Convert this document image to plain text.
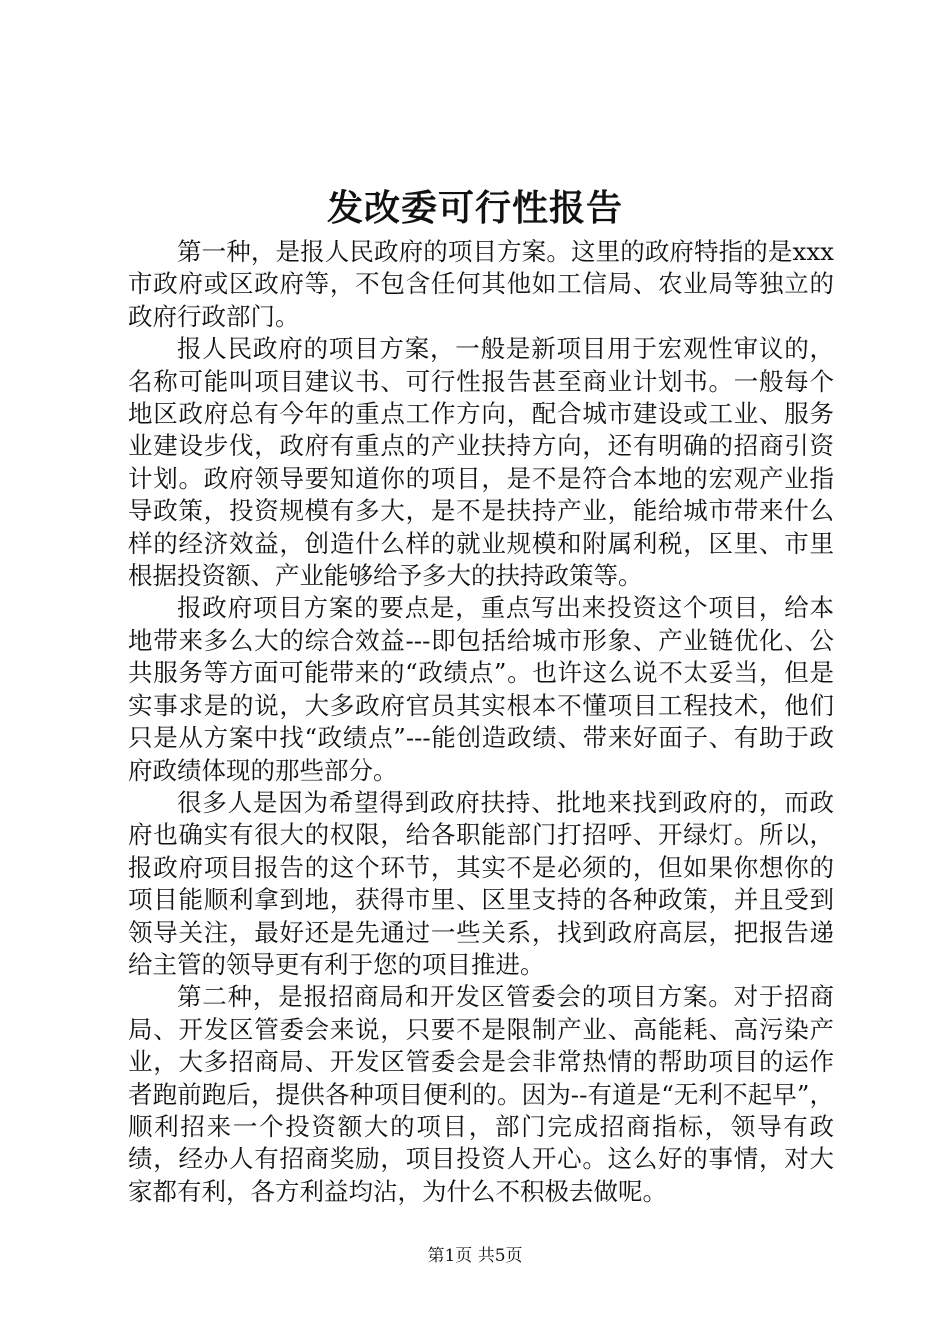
发改委可行性报告

第一种，是报人民政府的项目方案。这里的政府特指的是xxx市政府或区政府等，不包含任何其他如工信局、农业局等独立的政府行政部门。

报人民政府的项目方案，一般是新项目用于宏观性审议的，名称可能叫项目建议书、可行性报告甚至商业计划书。一般每个地区政府总有今年的重点工作方向，配合城市建设或工业、服务业建设步伐，政府有重点的产业扶持方向，还有明确的招商引资计划。政府领导要知道你的项目，是不是符合本地的宏观产业指导政策，投资规模有多大，是不是扶持产业，能给城市带来什么样的经济效益，创造什么样的就业规模和附属利税，区里、市里根据投资额、产业能够给予多大的扶持政策等。

报政府项目方案的要点是，重点写出来投资这个项目，给本地带来多么大的综合效益---即包括给城市形象、产业链优化、公共服务等方面可能带来的“政绩点”。也许这么说不太妥当，但是实事求是的说，大多政府官员其实根本不懂项目工程技术，他们只是从方案中找“政绩点”---能创造政绩、带来好面子、有助于政府政绩体现的那些部分。

很多人是因为希望得到政府扶持、批地来找到政府的，而政府也确实有很大的权限，给各职能部门打招呼、开绿灯。所以，报政府项目报告的这个环节，其实不是必须的，但如果你想你的项目能顺利拿到地，获得市里、区里支持的各种政策，并且受到领导关注，最好还是先通过一些关系，找到政府高层，把报告递给主管的领导更有利于您的项目推进。

第二种，是报招商局和开发区管委会的项目方案。对于招商局、开发区管委会来说，只要不是限制产业、高能耗、高污染产业，大多招商局、开发区管委会是会非常热情的帮助项目的运作者跑前跑后，提供各种项目便利的。因为--有道是“无利不起早”，顺利招来一个投资额大的项目，部门完成招商指标，领导有政绩，经办人有招商奖励，项目投资人开心。这么好的事情，对大家都有利，各方利益均沾，为什么不积极去做呢。

第1页 共5页
